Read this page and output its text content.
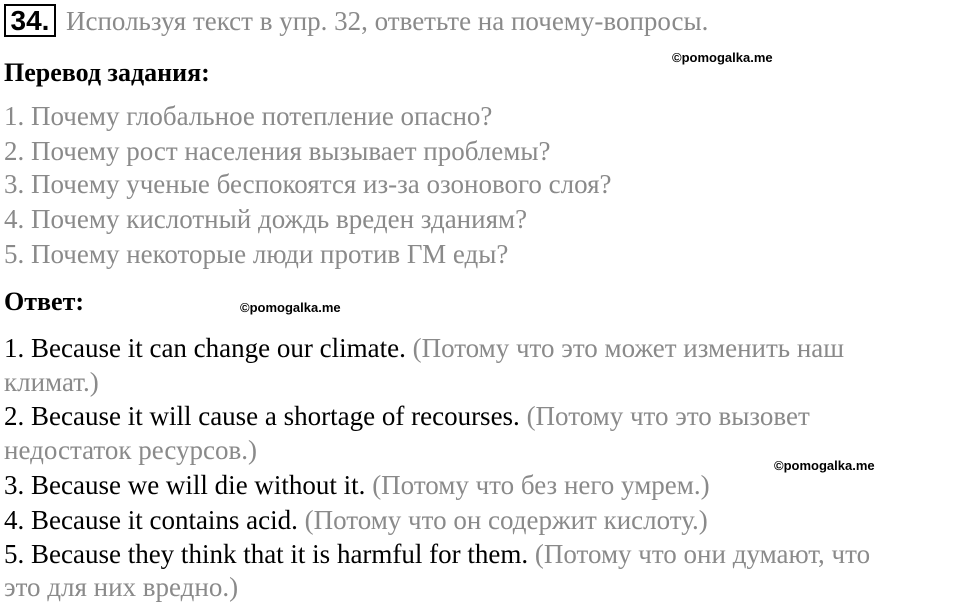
34. Используя текст в упр. 32, ответьте на почему-вопросы.
©pomogalka.me
Перевод задания:
1. Почему глобальное потепление опасно?
2. Почему рост населения вызывает проблемы?
3. Почему ученые беспокоятся из-за озонового слоя?
4. Почему кислотный дождь вреден зданиям?
5. Почему некоторые люди против ГМ еды?
Ответ:	©pomogalka.me
1. Because it can change our climate. (Потому что это может изменить наш
климат.)
2. Because it will cause a shortage of recourses. (Потому что это вызовет
недостаток ресурсов.)
©pomogalka.me
3. Because we will die without it. (Потому что без него умрем.)
4. Because it contains acid. (Потому что он содержит кислоту.)
5. Because they think that it is harmful for them. (Потому что они думают, что
это для них вредно.)
